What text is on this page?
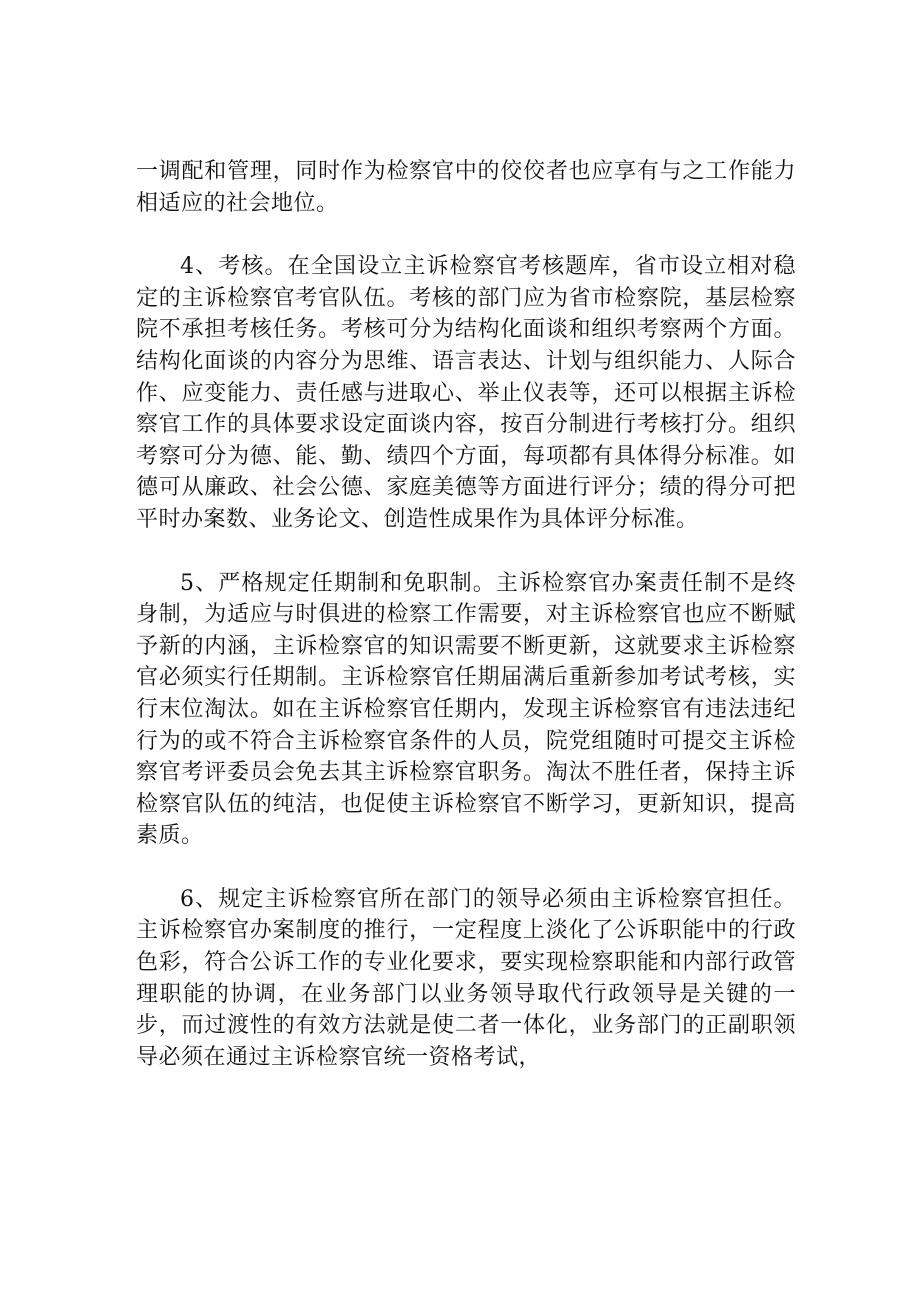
一调配和管理，同时作为检察官中的佼佼者也应享有与之工作能力相适应的社会地位。

4、考核。在全国设立主诉检察官考核题库，省市设立相对稳定的主诉检察官考官队伍。考核的部门应为省市检察院，基层检察院不承担考核任务。考核可分为结构化面谈和组织考察两个方面。结构化面谈的内容分为思维、语言表达、计划与组织能力、人际合作、应变能力、责任感与进取心、举止仪表等，还可以根据主诉检察官工作的具体要求设定面谈内容，按百分制进行考核打分。组织考察可分为德、能、勤、绩四个方面，每项都有具体得分标准。如德可从廉政、社会公德、家庭美德等方面进行评分；绩的得分可把平时办案数、业务论文、创造性成果作为具体评分标准。

5、严格规定任期制和免职制。主诉检察官办案责任制不是终身制，为适应与时俱进的检察工作需要，对主诉检察官也应不断赋予新的内涵，主诉检察官的知识需要不断更新，这就要求主诉检察官必须实行任期制。主诉检察官任期届满后重新参加考试考核，实行末位淘汰。如在主诉检察官任期内，发现主诉检察官有违法违纪行为的或不符合主诉检察官条件的人员，院党组随时可提交主诉检察官考评委员会免去其主诉检察官职务。淘汰不胜任者，保持主诉检察官队伍的纯洁，也促使主诉检察官不断学习，更新知识，提高素质。

6、规定主诉检察官所在部门的领导必须由主诉检察官担任。主诉检察官办案制度的推行，一定程度上淡化了公诉职能中的行政色彩，符合公诉工作的专业化要求，要实现检察职能和内部行政管理职能的协调，在业务部门以业务领导取代行政领导是关键的一步，而过渡性的有效方法就是使二者一体化，业务部门的正副职领导必须在通过主诉检察官统一资格考试，
